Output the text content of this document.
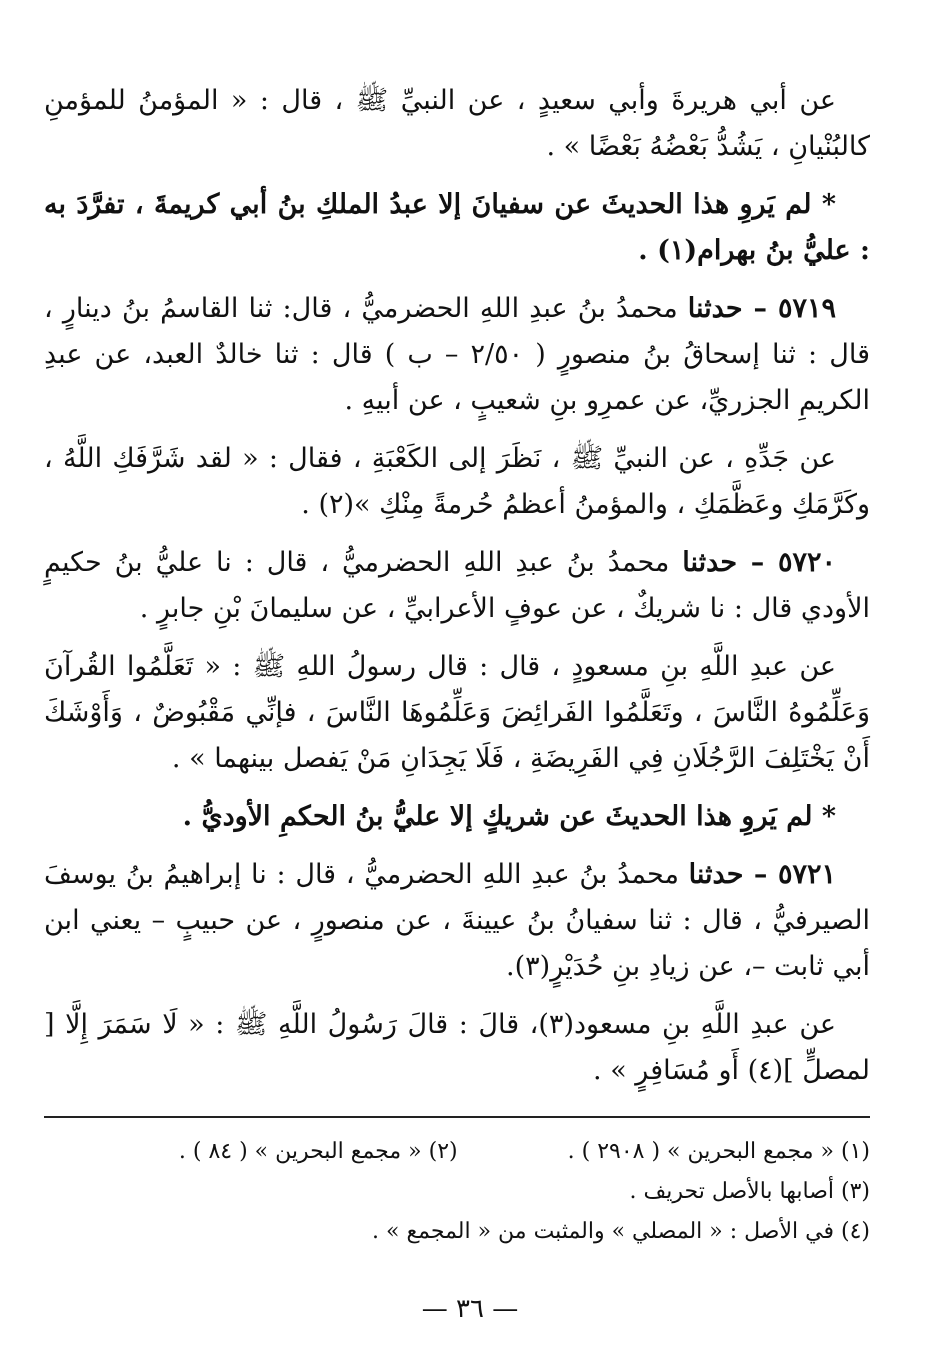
عن أبي هريرةَ وأبي سعيدٍ ، عن النبيِّ ﷺ ، قال : « المؤمنُ للمؤمنِ كالبُنْيانِ ، يَشُدُّ بَعْضُهُ بَعْضًا » .

* لم يَروِ هذا الحديثَ عن سفيانَ إلا عبدُ الملكِ بنُ أبي كريمةَ ، تفرَّدَ به : عليُّ بنُ بهرام(١) .

٥٧١٩ – حدثنا محمدُ بنُ عبدِ اللهِ الحضرميُّ ، قال: ثنا القاسمُ بنُ دينارٍ ، قال : ثنا إسحاقُ بنُ منصورٍ ( ٢/٥٠ – ب ) قال : ثنا خالدٌ العبد، عن عبدِ الكريمِ الجزريِّ، عن عمرِو بنِ شعيبٍ ، عن أبيهِ .

عن جَدِّهِ ، عن النبيِّ ﷺ ، نَظَرَ إلى الكَعْبَةِ ، فقال : « لقد شَرَّفَكِ اللَّهُ ، وكَرَّمَكِ وعَظَّمَكِ ، والمؤمنُ أعظمُ حُرمةً مِنْكِ »(٢) .

٥٧٢٠ – حدثنا محمدُ بنُ عبدِ اللهِ الحضرميُّ ، قال : نا عليُّ بنُ حكيمٍ الأودي قال : نا شريكٌ ، عن عوفٍ الأعرابيِّ ، عن سليمانَ بْنِ جابرٍ .

عن عبدِ اللَّهِ بنِ مسعودٍ ، قال : قال رسولُ اللهِ ﷺ : « تَعَلَّمُوا القُرآنَ وَعَلِّمُوهُ النَّاسَ ، وتَعَلَّمُوا الفَرائِضَ وَعَلِّمُوهَا النَّاسَ ، فإنِّي مَقْبُوضٌ ، وَأَوْشَكَ أَنْ يَخْتَلِفَ الرَّجُلَانِ فِي الفَرِيضَةِ ، فَلَا يَجِدَانِ مَنْ يَفصل بينهما » .

* لم يَروِ هذا الحديثَ عن شريكٍ إلا عليُّ بنُ الحكمِ الأوديُّ .

٥٧٢١ – حدثنا محمدُ بنُ عبدِ اللهِ الحضرميُّ ، قال : نا إبراهيمُ بنُ يوسفَ الصيرفيُّ ، قال : ثنا سفيانُ بنُ عيينةَ ، عن منصورٍ ، عن حبيبٍ – يعني ابن أبي ثابت –، عن زيادِ بنِ حُدَيْرٍ(٣).

عن عبدِ اللَّهِ بنِ مسعود(٣)، قالَ : قالَ رَسُولُ اللَّهِ ﷺ : « لَا سَمَرَ إِلَّا [ لمصلٍّ ](٤) أَو مُسَافِرٍ » .

(١) « مجمع البحرين » ( ٢٩٠٨ ) .
(٢) « مجمع البحرين » ( ٨٤ ) .
(٣) أصابها بالأصل تحريف .
(٤) في الأصل : « المصلي » والمثبت من « المجمع » .
— ٣٦ —
